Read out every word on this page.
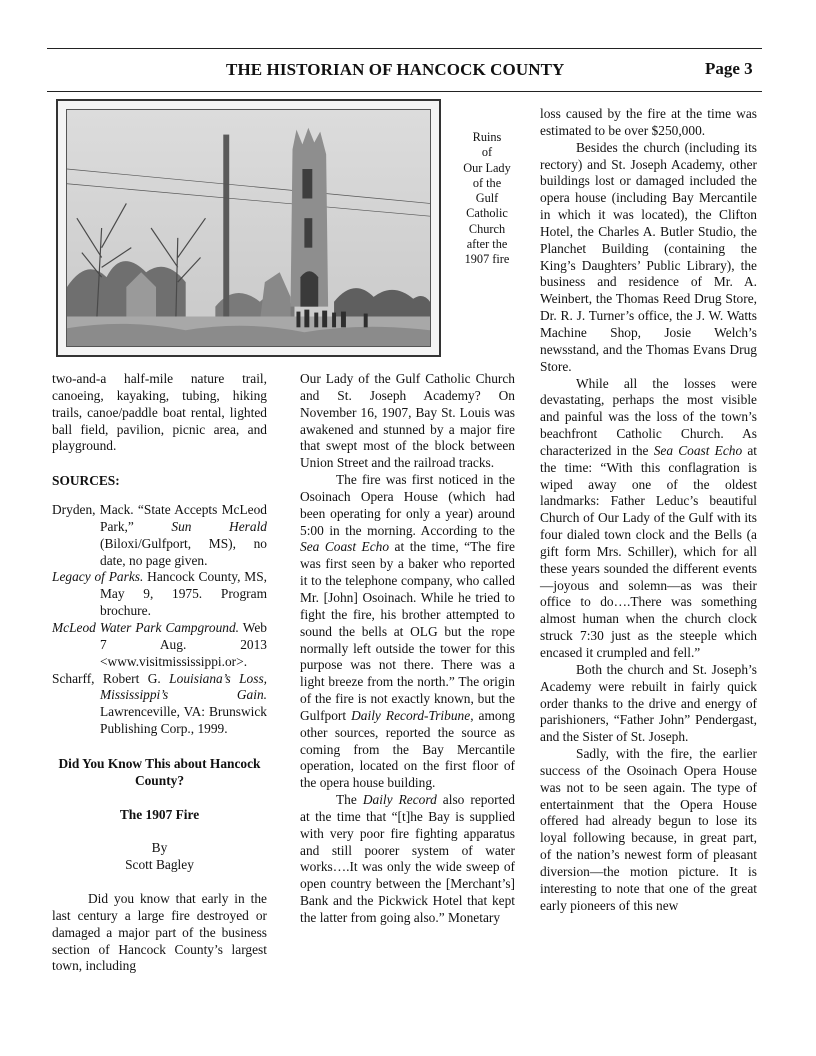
THE HISTORIAN OF HANCOCK COUNTY	Page 3
Ruins
of
Our Lady
of the
Gulf
Catholic
Church
after the
1907 fire

two-and-a half-mile nature trail, canoeing, kayaking, tubing, hiking trails, canoe/paddle boat rental, lighted ball field, pavilion, picnic area, and playground.

SOURCES:

Dryden, Mack. “State Accepts McLeod Park,” Sun Herald (Biloxi/Gulfport, MS), no date, no page given.

Legacy of Parks. Hancock County, MS, May 9, 1975. Program brochure.

McLeod Water Park Campground. Web 7 Aug. 2013 <www.visitmississippi.or>.

Scharff, Robert G. Louisiana’s Loss, Mississippi’s Gain. Lawrenceville, VA: Brunswick Publishing Corp., 1999.

Did You Know This about Hancock County?

The 1907 Fire

By

Scott Bagley

Did you know that early in the last century a large fire destroyed or damaged a major part of the business section of Hancock County’s largest town, including

Our Lady of the Gulf Catholic Church and St. Joseph Academy? On November 16, 1907, Bay St. Louis was awakened and stunned by a major fire that swept most of the block between Union Street and the railroad tracks.

The fire was first noticed in the Osoinach Opera House (which had been operating for only a year) around 5:00 in the morning. According to the Sea Coast Echo at the time, “The fire was first seen by a baker who reported it to the telephone company, who called Mr. [John] Osoinach. While he tried to fight the fire, his brother attempted to sound the bells at OLG but the rope normally left outside the tower for this purpose was not there. There was a light breeze from the north.” The origin of the fire is not exactly known, but the Gulfport Daily Record-Tribune, among other sources, reported the source as coming from the Bay Mercantile operation, located on the first floor of the opera house building.

The Daily Record also reported at the time that “[t]he Bay is supplied with very poor fire fighting apparatus and still poorer system of water works….It was only the wide sweep of open country between the [Merchant’s] Bank and the Pickwick Hotel that kept the latter from going also.” Monetary

loss caused by the fire at the time was estimated to be over $250,000.

Besides the church (including its rectory) and St. Joseph Academy, other buildings lost or damaged included the opera house (including Bay Mercantile in which it was located), the Clifton Hotel, the Charles A. Butler Studio, the Planchet Building (containing the King’s Daughters’ Public Library), the business and residence of Mr. A. Weinbert, the Thomas Reed Drug Store, Dr. R. J. Turner’s office, the J. W. Watts Machine Shop, Josie Welch’s newsstand, and the Thomas Evans Drug Store.

While all the losses were devastating, perhaps the most visible and painful was the loss of the town’s beachfront Catholic Church. As characterized in the Sea Coast Echo at the time: “With this conflagration is wiped away one of the oldest landmarks: Father Leduc’s beautiful Church of Our Lady of the Gulf with its four dialed town clock and the Bells (a gift form Mrs. Schiller), which for all these years sounded the different events—joyous and solemn—as was their office to do….There was something almost human when the church clock struck 7:30 just as the steeple which encased it crumpled and fell.”

Both the church and St. Joseph’s Academy were rebuilt in fairly quick order thanks to the drive and energy of parishioners, “Father John” Pendergast, and the Sister of St. Joseph.

Sadly, with the fire, the earlier success of the Osoinach Opera House was not to be seen again. The type of entertainment that the Opera House offered had already begun to lose its loyal following because, in great part, of the nation’s newest form of pleasant diversion—the motion picture. It is interesting to note that one of the great early pioneers of this new
